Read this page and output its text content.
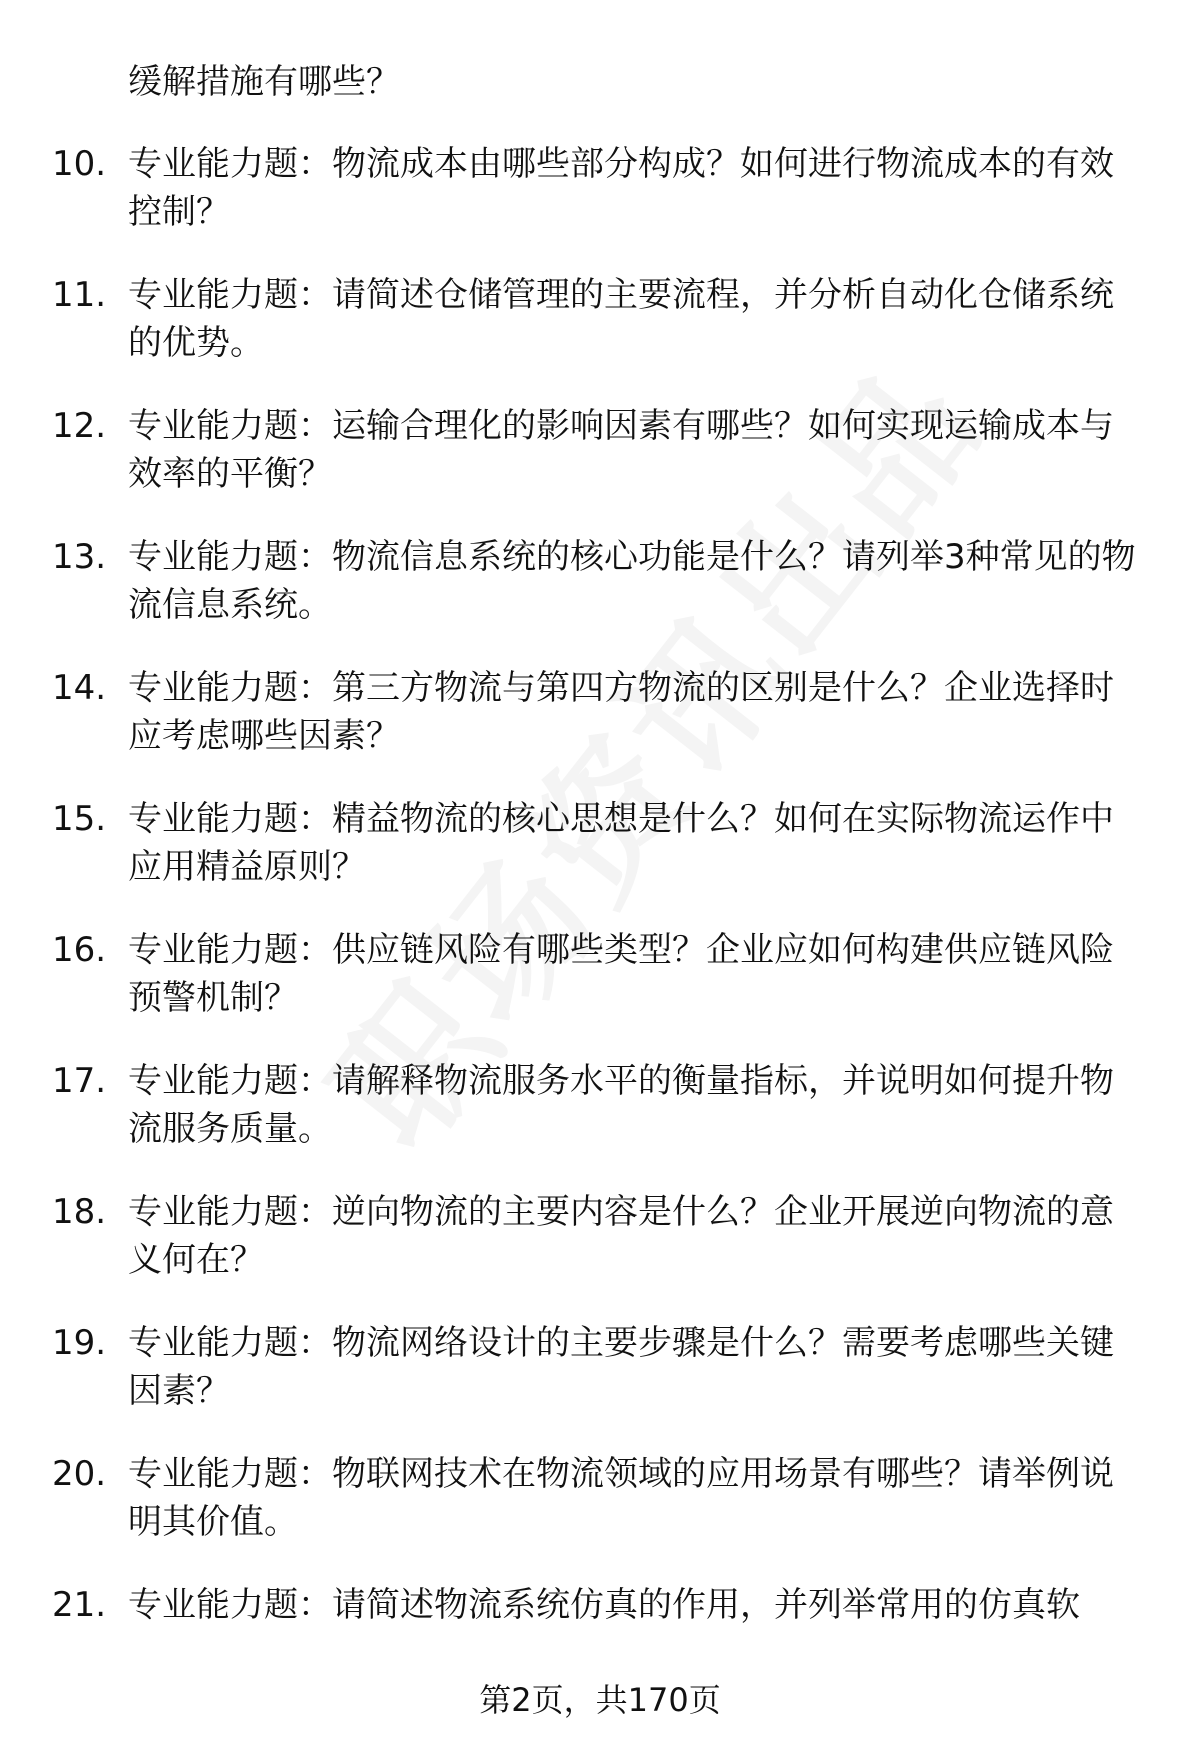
缓解措施有哪些？
10. 专业能力题：物流成本由哪些部分构成？如何进行物流成本的有效控制？
11. 专业能力题：请简述仓储管理的主要流程，并分析自动化仓储系统的优势。
12. 专业能力题：运输合理化的影响因素有哪些？如何实现运输成本与效率的平衡？
13. 专业能力题：物流信息系统的核心功能是什么？请列举3种常见的物流信息系统。
14. 专业能力题：第三方物流与第四方物流的区别是什么？企业选择时应考虑哪些因素？
15. 专业能力题：精益物流的核心思想是什么？如何在实际物流运作中应用精益原则？
16. 专业能力题：供应链风险有哪些类型？企业应如何构建供应链风险预警机制？
17. 专业能力题：请解释物流服务水平的衡量指标，并说明如何提升物流服务质量。
18. 专业能力题：逆向物流的主要内容是什么？企业开展逆向物流的意义何在？
19. 专业能力题：物流网络设计的主要步骤是什么？需要考虑哪些关键因素？
20. 专业能力题：物联网技术在物流领域的应用场景有哪些？请举例说明其价值。
21. 专业能力题：请简述物流系统仿真的作用，并列举常用的仿真软
第2页，共170页
